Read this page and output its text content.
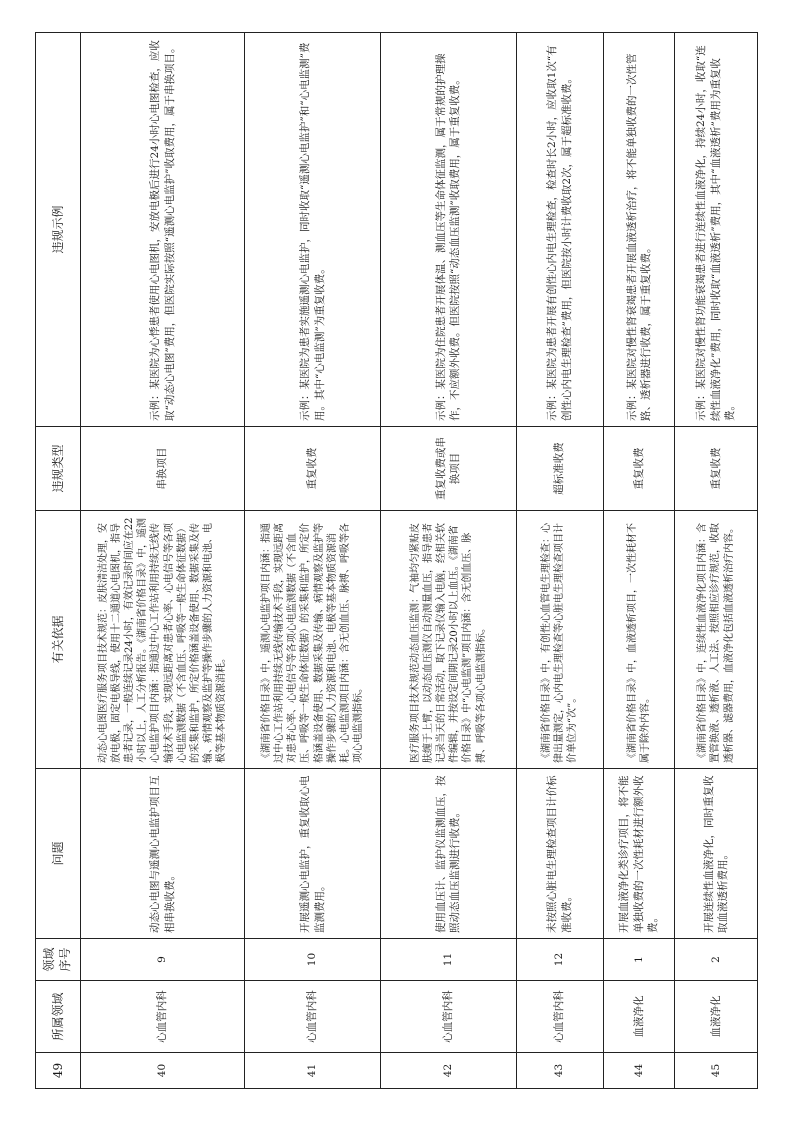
49	所属领域	领域序号	问题	有关依据	违规类型	违规示例
40	心血管内科	9	动态心电图与遥测心电监护项目互相串换收费。	动态心电图医疗服务项目技术规范：皮肤清洁处理，安放电极，固定电极导线，使用十二通道心电图机，指导患者记录，一般连续记录24小时，有效记录时间应在22小时以上，人工分析报告。《湖南省价格目录》中，遥测心电监护项目内涵：指通过中心工作站利用持续无线传输技术手段，实现远距离对患者心率、心电信号等各项心电监测数据（不含血压、呼吸等一般生命体征数据）的采集和监护，所定价格涵盖设备使用、数据采集及传输、病情观察及监护等操作步骤的人力资源和电池、电极等基本物质资源消耗。	串换项目	示例：某医院为心悸患者使用心电图机，安放电极后进行24小时心电图检查，应收取“动态心电图”费用，但医院实际按照“遥测心电监护”收取费用，属于串换项目。
41	心血管内科	10	开展遥测心电监护，重复收取心电监测费用。	《湖南省价格目录》中，遥测心电监护项目内涵：指通过中心工作站利用持续无线传输技术手段，实现远距离对患者心率、心电信号等各项心电监测数据（不含血压、呼吸等一般生命体征数据）的采集和监护，所定价格涵盖设备使用、数据采集及传输、病情观察及监护等操作步骤的人力资源和电池、电极等基本物质资源消耗。心电监测项目内涵：含无创血压、脉搏、呼吸等各项心电监测指标。	重复收费	示例：某医院为患者实施遥测心电监护，同时收取“遥测心电监护”和“心电监测”费用。其中“心电监测”为重复收费。
42	心血管内科	11	使用血压计、监护仪监测血压，按照动态血压监测进行收费。	医疗服务项目技术规范动态血压监测：气袖均匀紧贴皮肤缠于上臂，以动态血压测仪自动测量血压，指导患者记录当天的日常活动，取下记录仪输入电脑，经相关软件编辑，并按设定间期记录20小时以上血压。《湖南省价格目录》中“心电监测”项目内涵：含无创血压、脉搏、呼吸等各项心电监测指标。	重复收费或串换项目	示例：某医院为住院患者开展体温、测血压等生命体征监测，属于常规的护理操作，不应额外收费。但医院按照“动态血压监测”收取费用，属于重复收费。
43	心血管内科	12	未按照心脏电生理检查项目计价标准收费。	《湖南省价格目录》中，有创性心血管电生理检查：心律出量测定，心内电生理检查等心脏电生理检查项目计价单位为“次”。	超标准收费	示例：某医院为患者开展有创性心内电生理检查，检查时长2小时，应收取1次“有创性心内电生理检查”费用，但医院按小时计费收取2次，属于超标准收费。
44	血液净化	1	开展血液净化类诊疗项目，将不能单独收费的一次性耗材进行额外收费。	《湖南省价格目录》中，血液透析项目，一次性耗材不属于除外内容。	重复收费	示例：某医院对慢性肾衰竭患者开展血液透析治疗，将不能单独收费的一次性管路、透析器进行收费，属于重复收费。
45	血液净化	2	开展连续性血液净化，同时重复收取血液透析费用。	《湖南省价格目录》中，连续性血液净化项目内涵：含置管换液、透析液、人工法、按照相应诊疗规范，收取透析器、滤器费用，血液净化包括血液透析治疗内容。	重复收费	示例：某医院对慢性肾功能衰竭患者进行连续性血液净化，持续24小时，收取“连续性血液净化”费用，同时收取“血液透析”费用，其中“血液透析”费用为重复收费。
